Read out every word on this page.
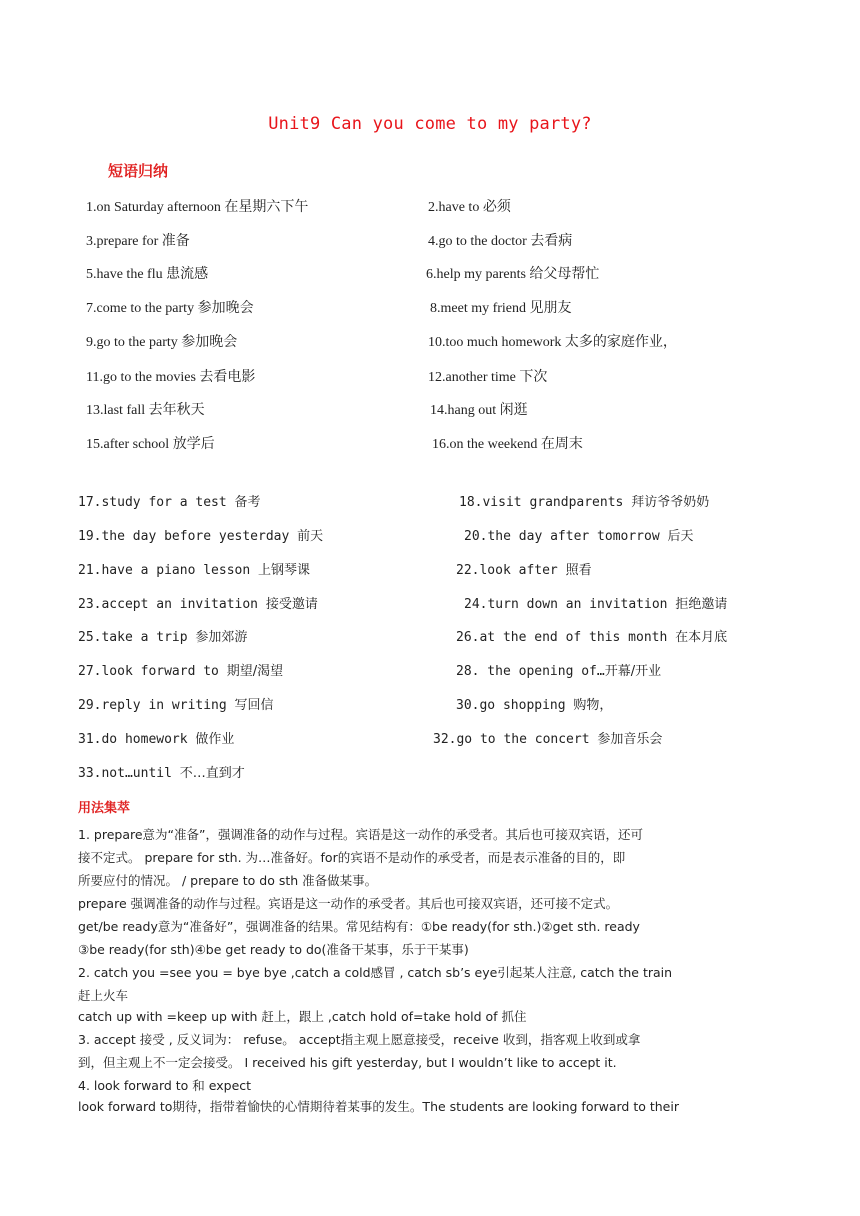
Unit9 Can you come to my party?
短语归纳
1.on Saturday afternoon 在星期六下午	2.have to 必须
3.prepare for 准备	4.go to the doctor 去看病
5.have the flu 患流感	6.help my parents 给父母帮忙
7.come to the party 参加晚会	8.meet my friend 见朋友
9.go to the party 参加晚会	10.too much homework 太多的家庭作业，
11.go to the movies 去看电影	12.another time 下次
13.last fall 去年秋天	14.hang out 闲逛
15.after school 放学后	16.on the weekend 在周末
17.study for a test 备考	18.visit grandparents 拜访爷爷奶奶
19.the day before yesterday 前天	20.the day after tomorrow 后天
21.have a piano lesson 上钢琴课	22.look after 照看
23.accept an invitation 接受邀请	24.turn down an invitation 拒绝邀请
25.take a trip 参加郊游	26.at the end of this month 在本月底
27.look forward to 期望/渴望	28. the opening of…开幕/开业
29.reply in writing 写回信	30.go shopping 购物，
31.do homework 做作业	32.go to the concert 参加音乐会
33.not…until 不…直到才
用法集萃
1. prepare意为“准备”，强调准备的动作与过程。宾语是这一动作的承受者。其后也可接双宾语，还可
接不定式。 prepare for sth. 为…准备好。for的宾语不是动作的承受者，而是表示准备的目的，即
所要应付的情况。 / prepare to do sth 准备做某事。
prepare 强调准备的动作与过程。宾语是这一动作的承受者。其后也可接双宾语，还可接不定式。
get/be ready意为“准备好”，强调准备的结果。常见结构有：①be ready(for sth.)②get sth. ready
③be ready(for sth)④be get ready to do(准备干某事，乐于干某事)
2. catch you =see you = bye bye ,catch a cold感冒 , catch sb’s eye引起某人注意, catch the train
赶上火车
catch up with =keep up with 赶上，跟上 ,catch hold of=take hold of 抓住
3. accept 接受 , 反义词为： refuse。 accept指主观上愿意接受，receive 收到，指客观上收到或拿
到，但主观上不一定会接受。 I received his gift yesterday, but I wouldn’t like to accept it.
4. look forward to 和 expect
look forward to期待，指带着愉快的心情期待着某事的发生。The students are looking forward to their
